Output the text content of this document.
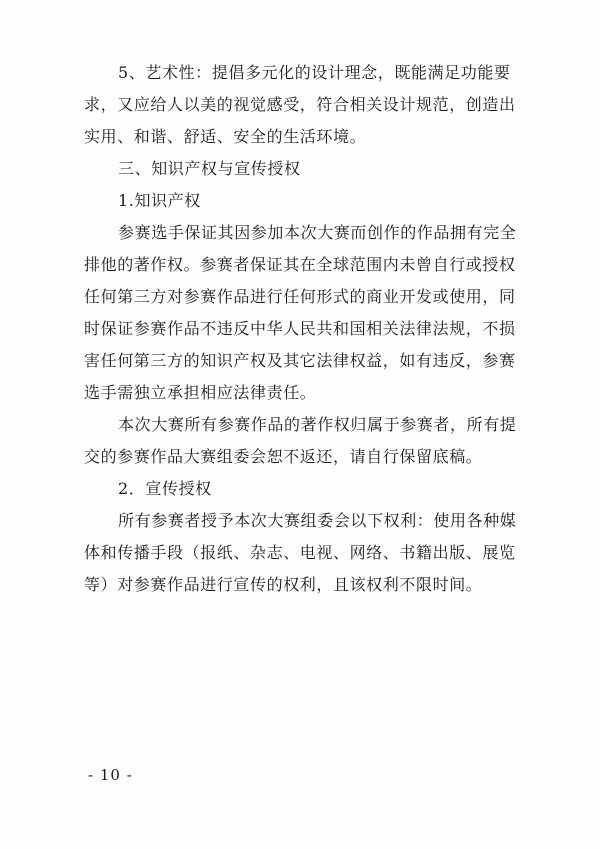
5、艺术性：提倡多元化的设计理念，既能满足功能要求，又应给人以美的视觉感受，符合相关设计规范，创造出实用、和谐、舒适、安全的生活环境。

三、知识产权与宣传授权

1.知识产权

参赛选手保证其因参加本次大赛而创作的作品拥有完全排他的著作权。参赛者保证其在全球范围内未曾自行或授权任何第三方对参赛作品进行任何形式的商业开发或使用，同时保证参赛作品不违反中华人民共和国相关法律法规，不损害任何第三方的知识产权及其它法律权益，如有违反，参赛选手需独立承担相应法律责任。

本次大赛所有参赛作品的著作权归属于参赛者，所有提交的参赛作品大赛组委会恕不返还，请自行保留底稿。

2．宣传授权

所有参赛者授予本次大赛组委会以下权利：使用各种媒体和传播手段（报纸、杂志、电视、网络、书籍出版、展览等）对参赛作品进行宣传的权利，且该权利不限时间。

- 10 -
